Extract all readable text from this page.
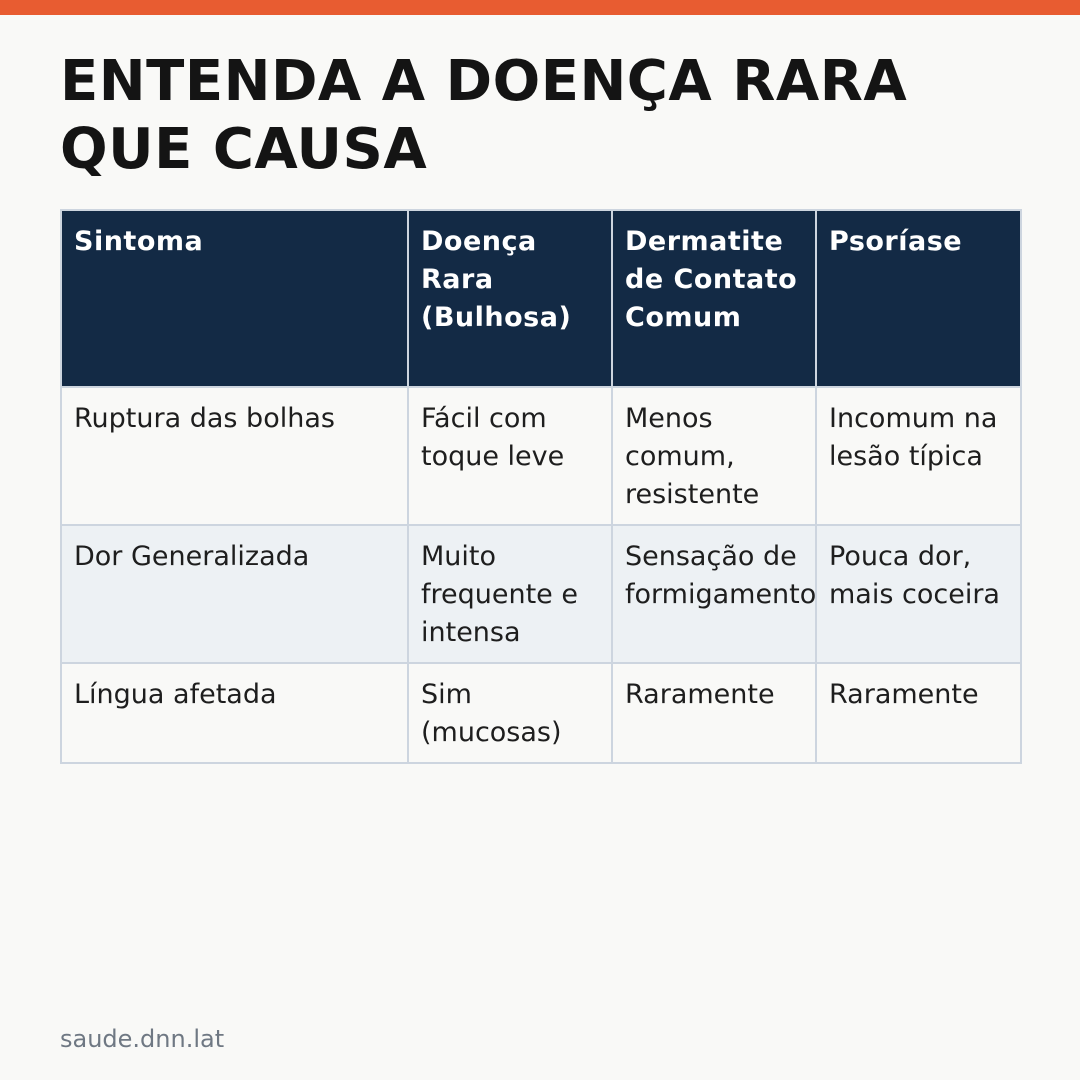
ENTENDA A DOENÇA RARA QUE CAUSA
Sintoma	Doença Rara (Bulhosa)	Dermatite de Contato Comum	Psoríase
Ruptura das bolhas	Fácil com toque leve	Menos comum, resistente	Incomum na lesão típica
Dor Generalizada	Muito frequente e intensa	Sensação de formigamento	Pouca dor, mais coceira
Língua afetada	Sim (mucosas)	Raramente	Raramente
saude.dnn.lat
